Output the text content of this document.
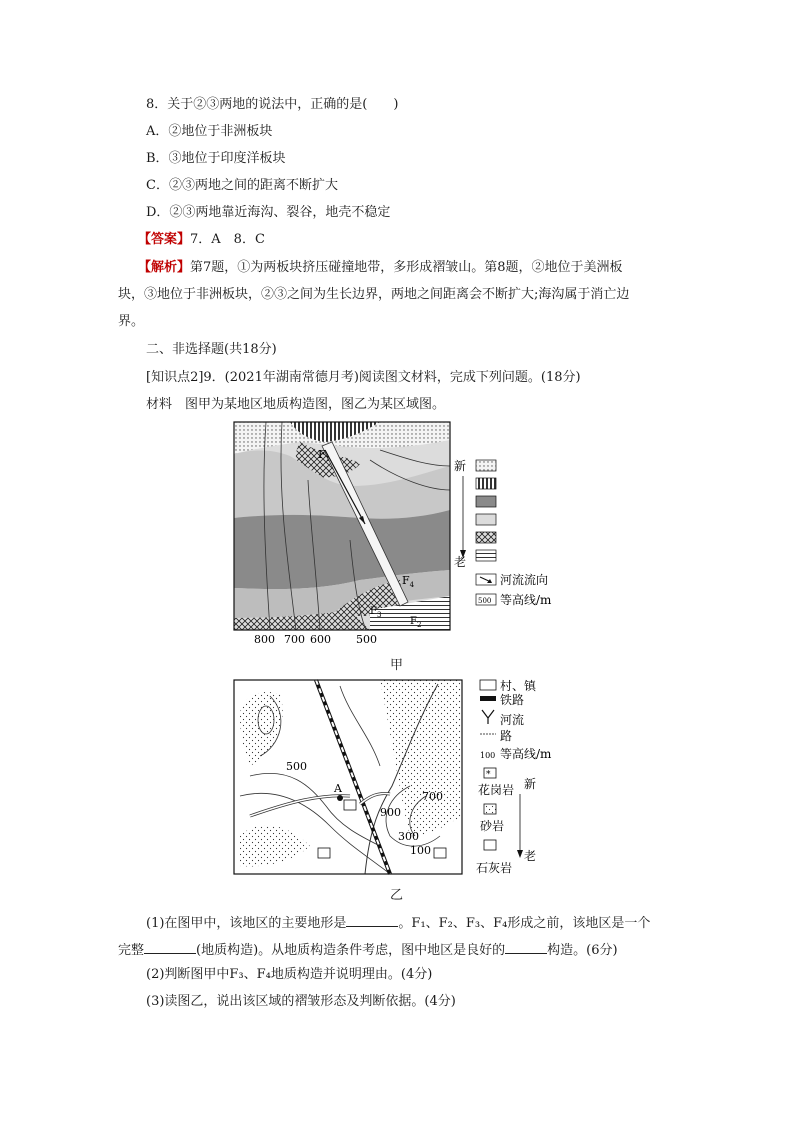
8．关于②③两地的说法中，正确的是(　　)
A．②地位于非洲板块
B．③地位于印度洋板块
C．②③两地之间的距离不断扩大
D．②③两地靠近海沟、裂谷，地壳不稳定
【答案】7．A　8．C
【解析】第7题，①为两板块挤压碰撞地带，多形成褶皱山。第8题，②地位于美洲板
块，③地位于非洲板块，②③之间为生长边界，两地之间距离会不断扩大;海沟属于消亡边
界。
二、非选择题(共18分)
[知识点2]9．(2021年湖南常德月考)阅读图文材料，完成下列问题。(18分)
材料　图甲为某地区地质构造图，图乙为某区域图。
$F_1$
$F_4$
$F_3$
$F_2$
800 700 600 500
新
老
河流流向
500 等高线/m
甲
A
500
700
900
300
100
村、镇
铁路
河流
路
100 等高线/m
*
花岗岩
砂岩
石灰岩
新
老
乙
(1)在图甲中，该地区的主要地形是	。F₁、F₂、F₃、F₄形成之前，该地区是一个
完整	(地质构造)。从地质构造条件考虑，图中地区是良好的	构造。(6分)
(2)判断图甲中F₃、F₄地质构造并说明理由。(4分)
(3)读图乙，说出该区域的褶皱形态及判断依据。(4分)
